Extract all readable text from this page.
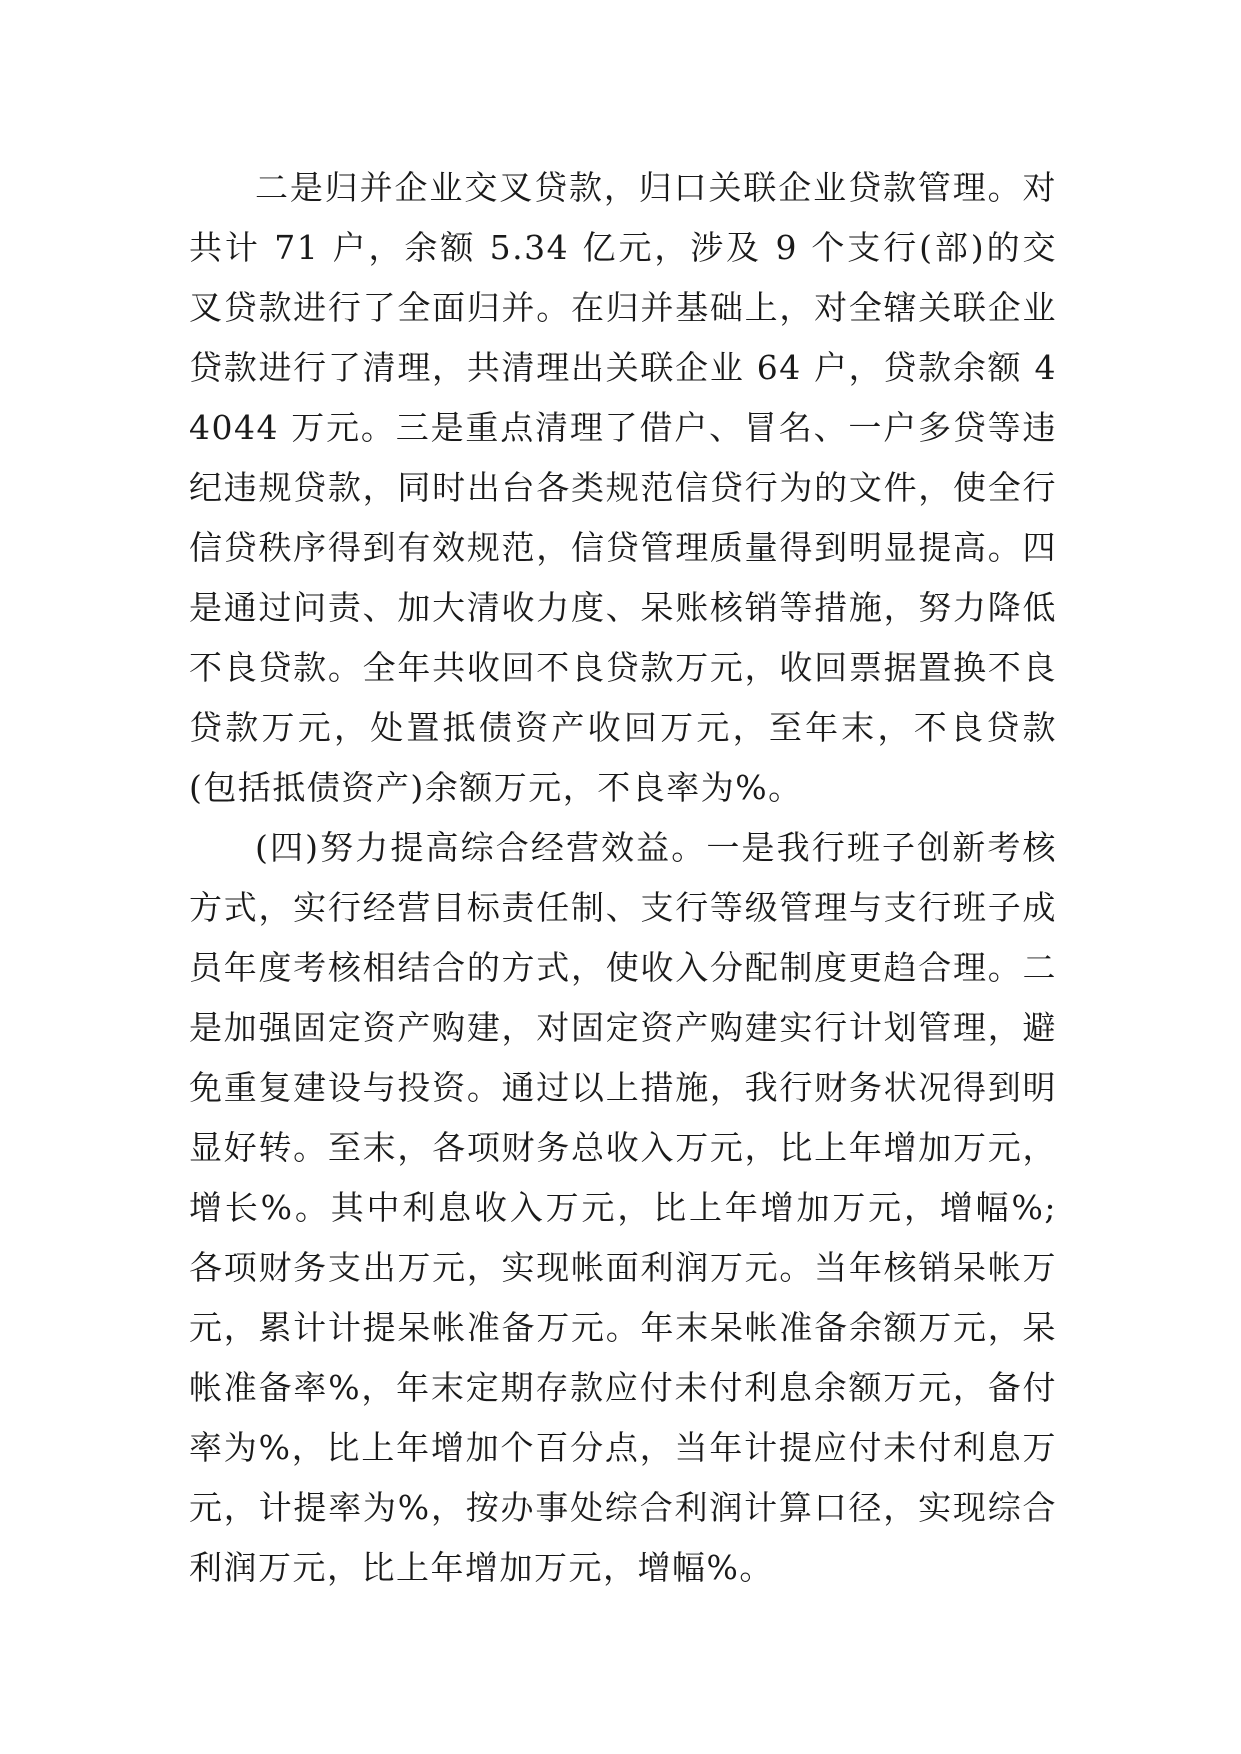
二是归并企业交叉贷款，归口关联企业贷款管理。对共计 71 户，余额 5.34 亿元，涉及 9 个支行(部)的交叉贷款进行了全面归并。在归并基础上，对全辖关联企业贷款进行了清理，共清理出关联企业 64 户，贷款余额 44044 万元。三是重点清理了借户、冒名、一户多贷等违纪违规贷款，同时出台各类规范信贷行为的文件，使全行信贷秩序得到有效规范，信贷管理质量得到明显提高。四是通过问责、加大清收力度、呆账核销等措施，努力降低不良贷款。全年共收回不良贷款万元，收回票据置换不良贷款万元，处置抵债资产收回万元，至年末，不良贷款(包括抵债资产)余额万元，不良率为%。

(四)努力提高综合经营效益。一是我行班子创新考核方式，实行经营目标责任制、支行等级管理与支行班子成员年度考核相结合的方式，使收入分配制度更趋合理。二是加强固定资产购建，对固定资产购建实行计划管理，避免重复建设与投资。通过以上措施，我行财务状况得到明显好转。至末，各项财务总收入万元，比上年增加万元，增长%。其中利息收入万元，比上年增加万元，增幅%;各项财务支出万元，实现帐面利润万元。当年核销呆帐万元，累计计提呆帐准备万元。年末呆帐准备余额万元，呆帐准备率%，年末定期存款应付未付利息余额万元，备付率为%，比上年增加个百分点，当年计提应付未付利息万元，计提率为%，按办事处综合利润计算口径，实现综合利润万元，比上年增加万元，增幅%。
